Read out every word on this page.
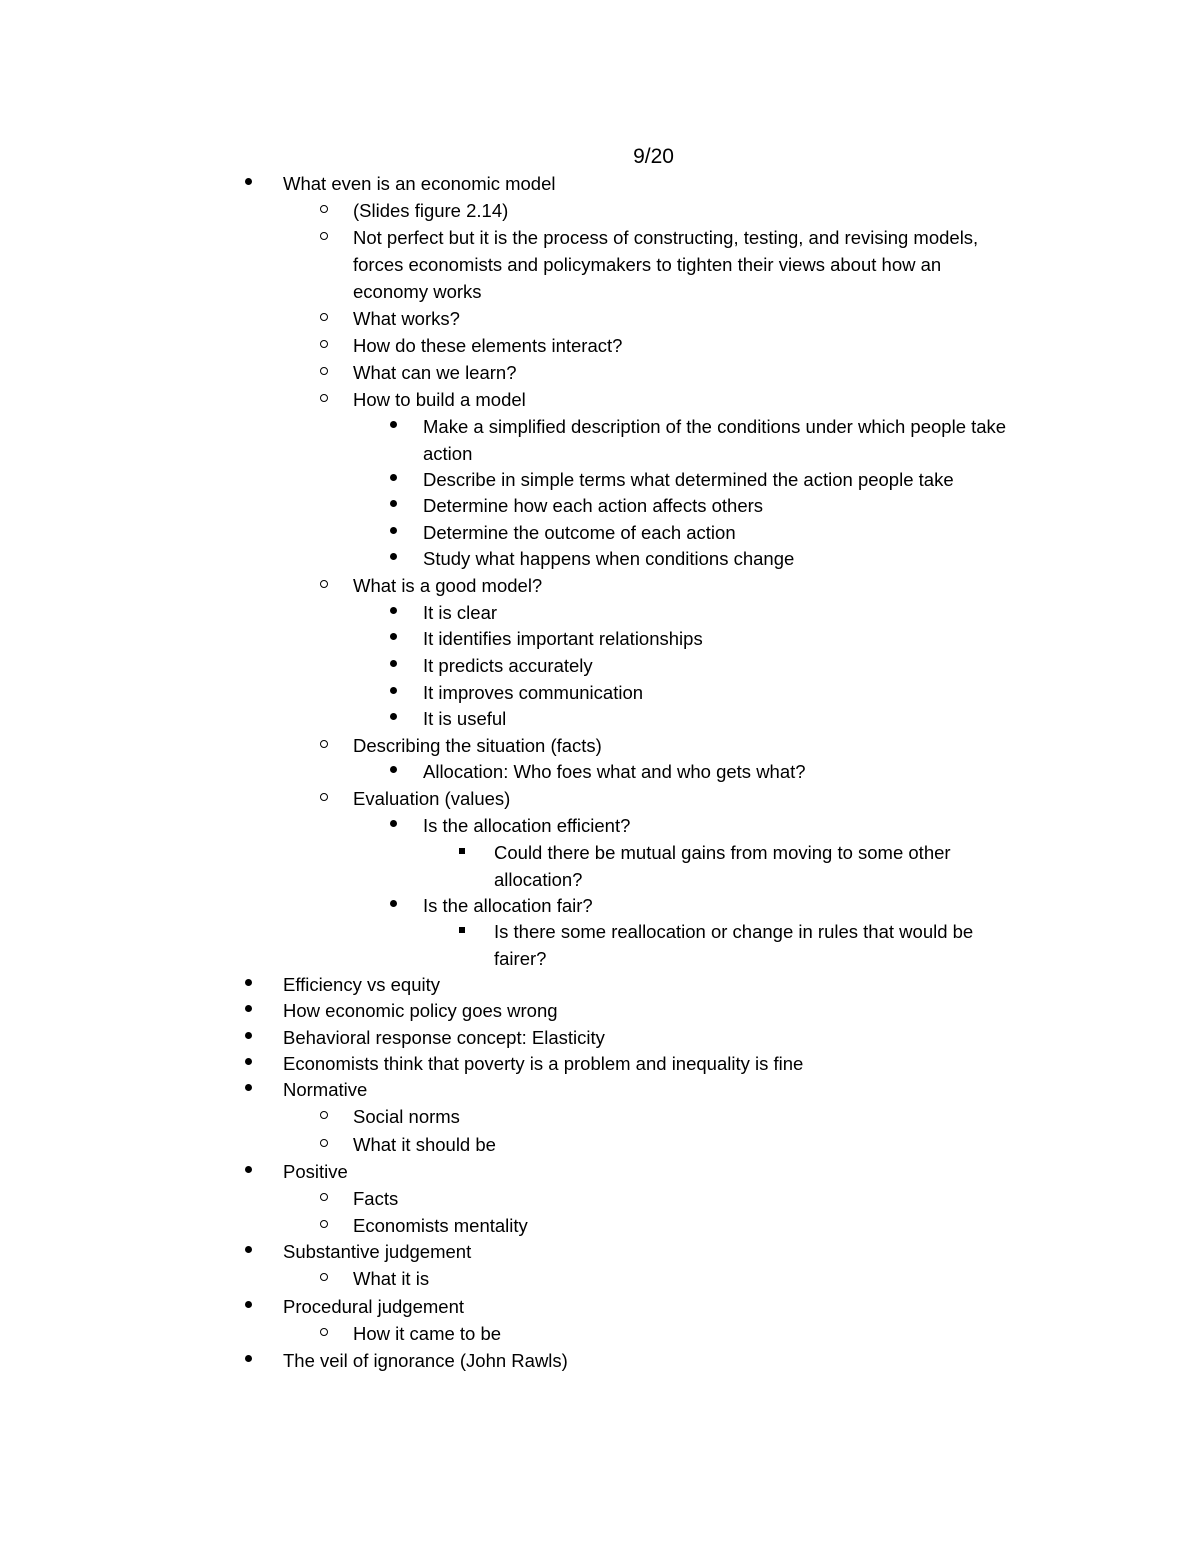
9/20
What even is an economic model
(Slides figure 2.14)
Not perfect but it is the process of constructing, testing, and revising models,
forces economists and policymakers to tighten their views about how an
economy works
What works?
How do these elements interact?
What can we learn?
How to build a model
Make a simplified description of the conditions under which people take
action
Describe in simple terms what determined the action people take
Determine how each action affects others
Determine the outcome of each action
Study what happens when conditions change
What is a good model?
It is clear
It identifies important relationships
It predicts accurately
It improves communication
It is useful
Describing the situation (facts)
Allocation: Who foes what and who gets what?
Evaluation (values)
Is the allocation efficient?
Could there be mutual gains from moving to some other
allocation?
Is the allocation fair?
Is there some reallocation or change in rules that would be
fairer?
Efficiency vs equity
How economic policy goes wrong
Behavioral response concept: Elasticity
Economists think that poverty is a problem and inequality is fine
Normative
Social norms
What it should be
Positive
Facts
Economists mentality
Substantive judgement
What it is
Procedural judgement
How it came to be
The veil of ignorance (John Rawls)
